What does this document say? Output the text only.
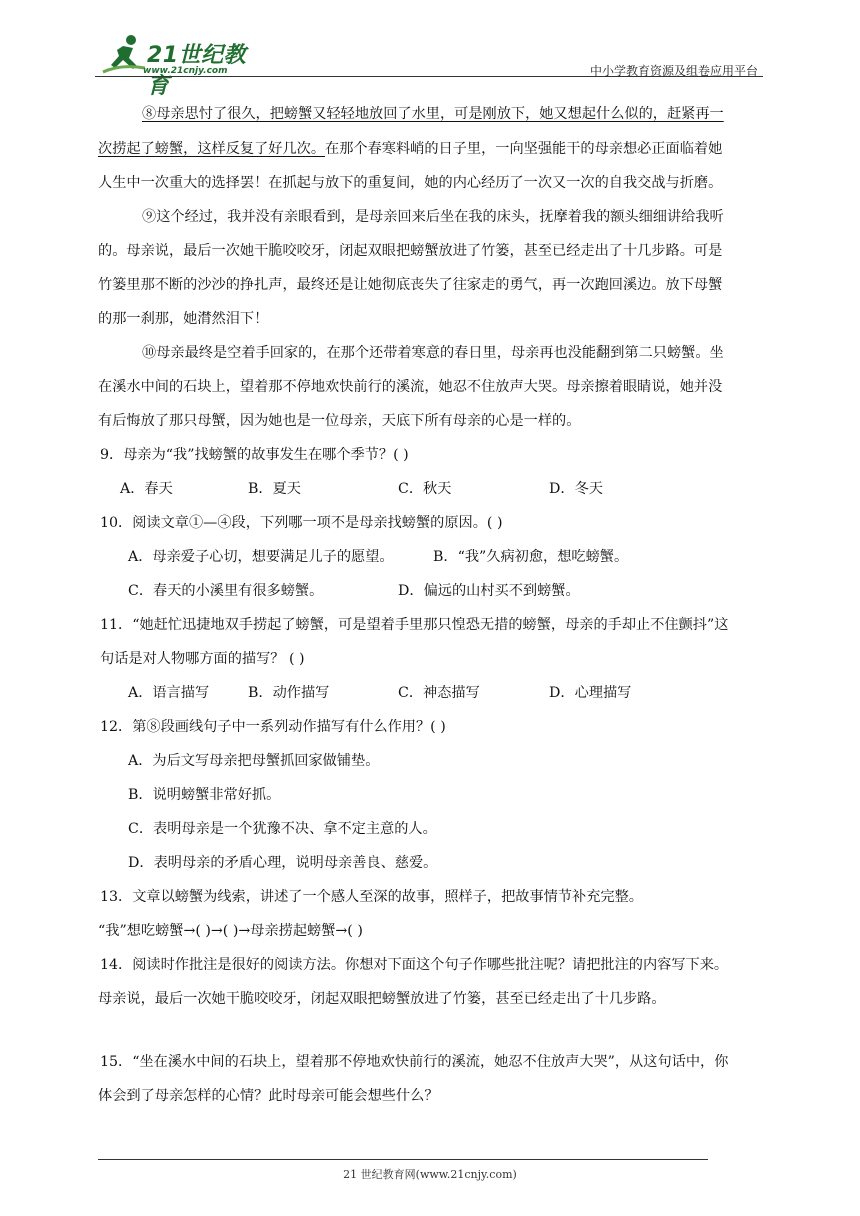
21世纪教育
www.21cnjy.com	中小学教育资源及组卷应用平台
⑧母亲思忖了很久，把螃蟹又轻轻地放回了水里，可是刚放下，她又想起什么似的，赶紧再一
次捞起了螃蟹，这样反复了好几次。在那个春寒料峭的日子里，一向坚强能干的母亲想必正面临着她
人生中一次重大的选择罢！在抓起与放下的重复间，她的内心经历了一次又一次的自我交战与折磨。
⑨这个经过，我并没有亲眼看到，是母亲回来后坐在我的床头，抚摩着我的额头细细讲给我听
的。母亲说，最后一次她干脆咬咬牙，闭起双眼把螃蟹放进了竹篓，甚至已经走出了十几步路。可是
竹篓里那不断的沙沙的挣扎声，最终还是让她彻底丧失了往家走的勇气，再一次跑回溪边。放下母蟹
的那一刹那，她潸然泪下！
⑩母亲最终是空着手回家的，在那个还带着寒意的春日里，母亲再也没能翻到第二只螃蟹。坐
在溪水中间的石块上，望着那不停地欢快前行的溪流，她忍不住放声大哭。母亲擦着眼睛说，她并没
有后悔放了那只母蟹，因为她也是一位母亲，天底下所有母亲的心是一样的。
9．母亲为“我”找螃蟹的故事发生在哪个季节？( )
A．春天	B．夏天	C．秋天	D．冬天
10．阅读文章①—④段，下列哪一项不是母亲找螃蟹的原因。( )
A．母亲爱子心切，想要满足儿子的愿望。	B．“我”久病初愈，想吃螃蟹。
C．春天的小溪里有很多螃蟹。	D．偏远的山村买不到螃蟹。
11．“她赶忙迅捷地双手捞起了螃蟹，可是望着手里那只惶恐无措的螃蟹，母亲的手却止不住颤抖”这
句话是对人物哪方面的描写？ ( )
A．语言描写	B．动作描写	C．神态描写	D．心理描写
12．第⑧段画线句子中一系列动作描写有什么作用？( )
A．为后文写母亲把母蟹抓回家做铺垫。
B．说明螃蟹非常好抓。
C．表明母亲是一个犹豫不决、拿不定主意的人。
D．表明母亲的矛盾心理，说明母亲善良、慈爱。
13．文章以螃蟹为线索，讲述了一个感人至深的故事，照样子，把故事情节补充完整。
“我”想吃螃蟹→( )→( )→母亲捞起螃蟹→( )
14．阅读时作批注是很好的阅读方法。你想对下面这个句子作哪些批注呢？请把批注的内容写下来。
母亲说，最后一次她干脆咬咬牙，闭起双眼把螃蟹放进了竹篓，甚至已经走出了十几步路。
15．“坐在溪水中间的石块上，望着那不停地欢快前行的溪流，她忍不住放声大哭”，从这句话中，你
体会到了母亲怎样的心情？此时母亲可能会想些什么？
21 世纪教育网(www.21cnjy.com)
